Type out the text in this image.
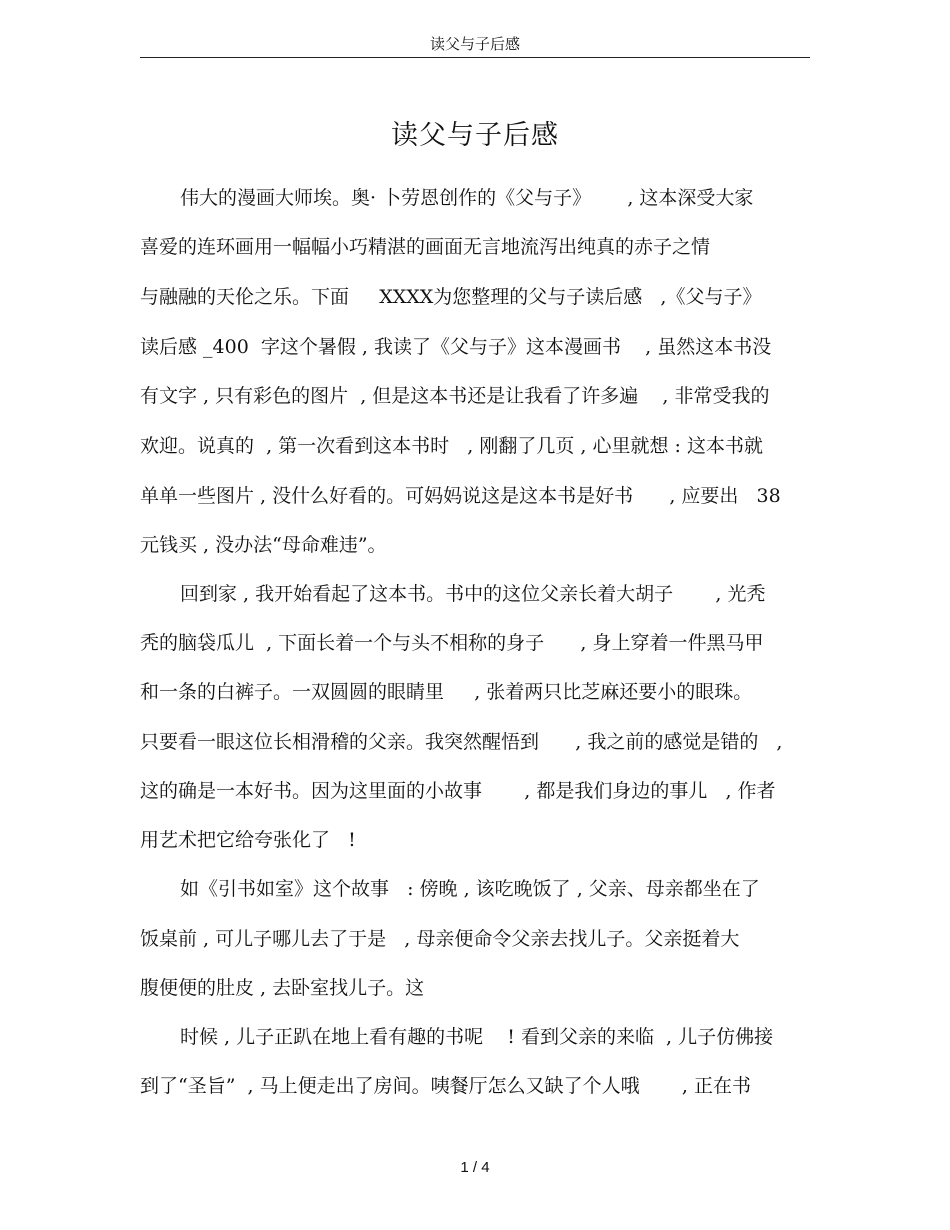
读父与子后感
读父与子后感
伟大的漫画大师埃。奥· 卜劳恩创作的《父与子》      , 这本深受大家
喜爱的连环画用一幅幅小巧精湛的画面无言地流泻出纯真的赤子之情
与融融的天伦之乐。下面     XXXX为您整理的父与子读后感   ,《父与子》
读后感 _400  字这个暑假 , 我读了《父与子》这本漫画书    , 虽然这本书没
有文字 , 只有彩色的图片  , 但是这本书还是让我看了许多遍    , 非常受我的
欢迎。说真的  , 第一次看到这本书时   , 刚翻了几页 , 心里就想 : 这本书就
单单一些图片 , 没什么好看的。可妈妈说这是这本书是好书      , 应要出   38
元钱买 , 没办法“母命难违”。
回到家 , 我开始看起了这本书。书中的这位父亲长着大胡子       , 光秃
秃的脑袋瓜儿  , 下面长着一个与头不相称的身子      , 身上穿着一件黑马甲
和一条的白裤子。一双圆圆的眼睛里     , 张着两只比芝麻还要小的眼珠。
只要看一眼这位长相滑稽的父亲。我突然醒悟到      , 我之前的感觉是错的   ,
这的确是一本好书。因为这里面的小故事       , 都是我们身边的事儿   , 作者
用艺术把它给夸张化了   !
如《引书如室》这个故事   : 傍晚 , 该吃晚饭了 , 父亲、母亲都坐在了
饭桌前 , 可儿子哪儿去了于是   , 母亲便命令父亲去找儿子。父亲挺着大
腹便便的肚皮 , 去卧室找儿子。这
时候 , 儿子正趴在地上看有趣的书呢    ! 看到父亲的来临  , 儿子仿佛接
到了“圣旨”  , 马上便走出了房间。咦餐厅怎么又缺了个人哦       , 正在书
1 / 4
